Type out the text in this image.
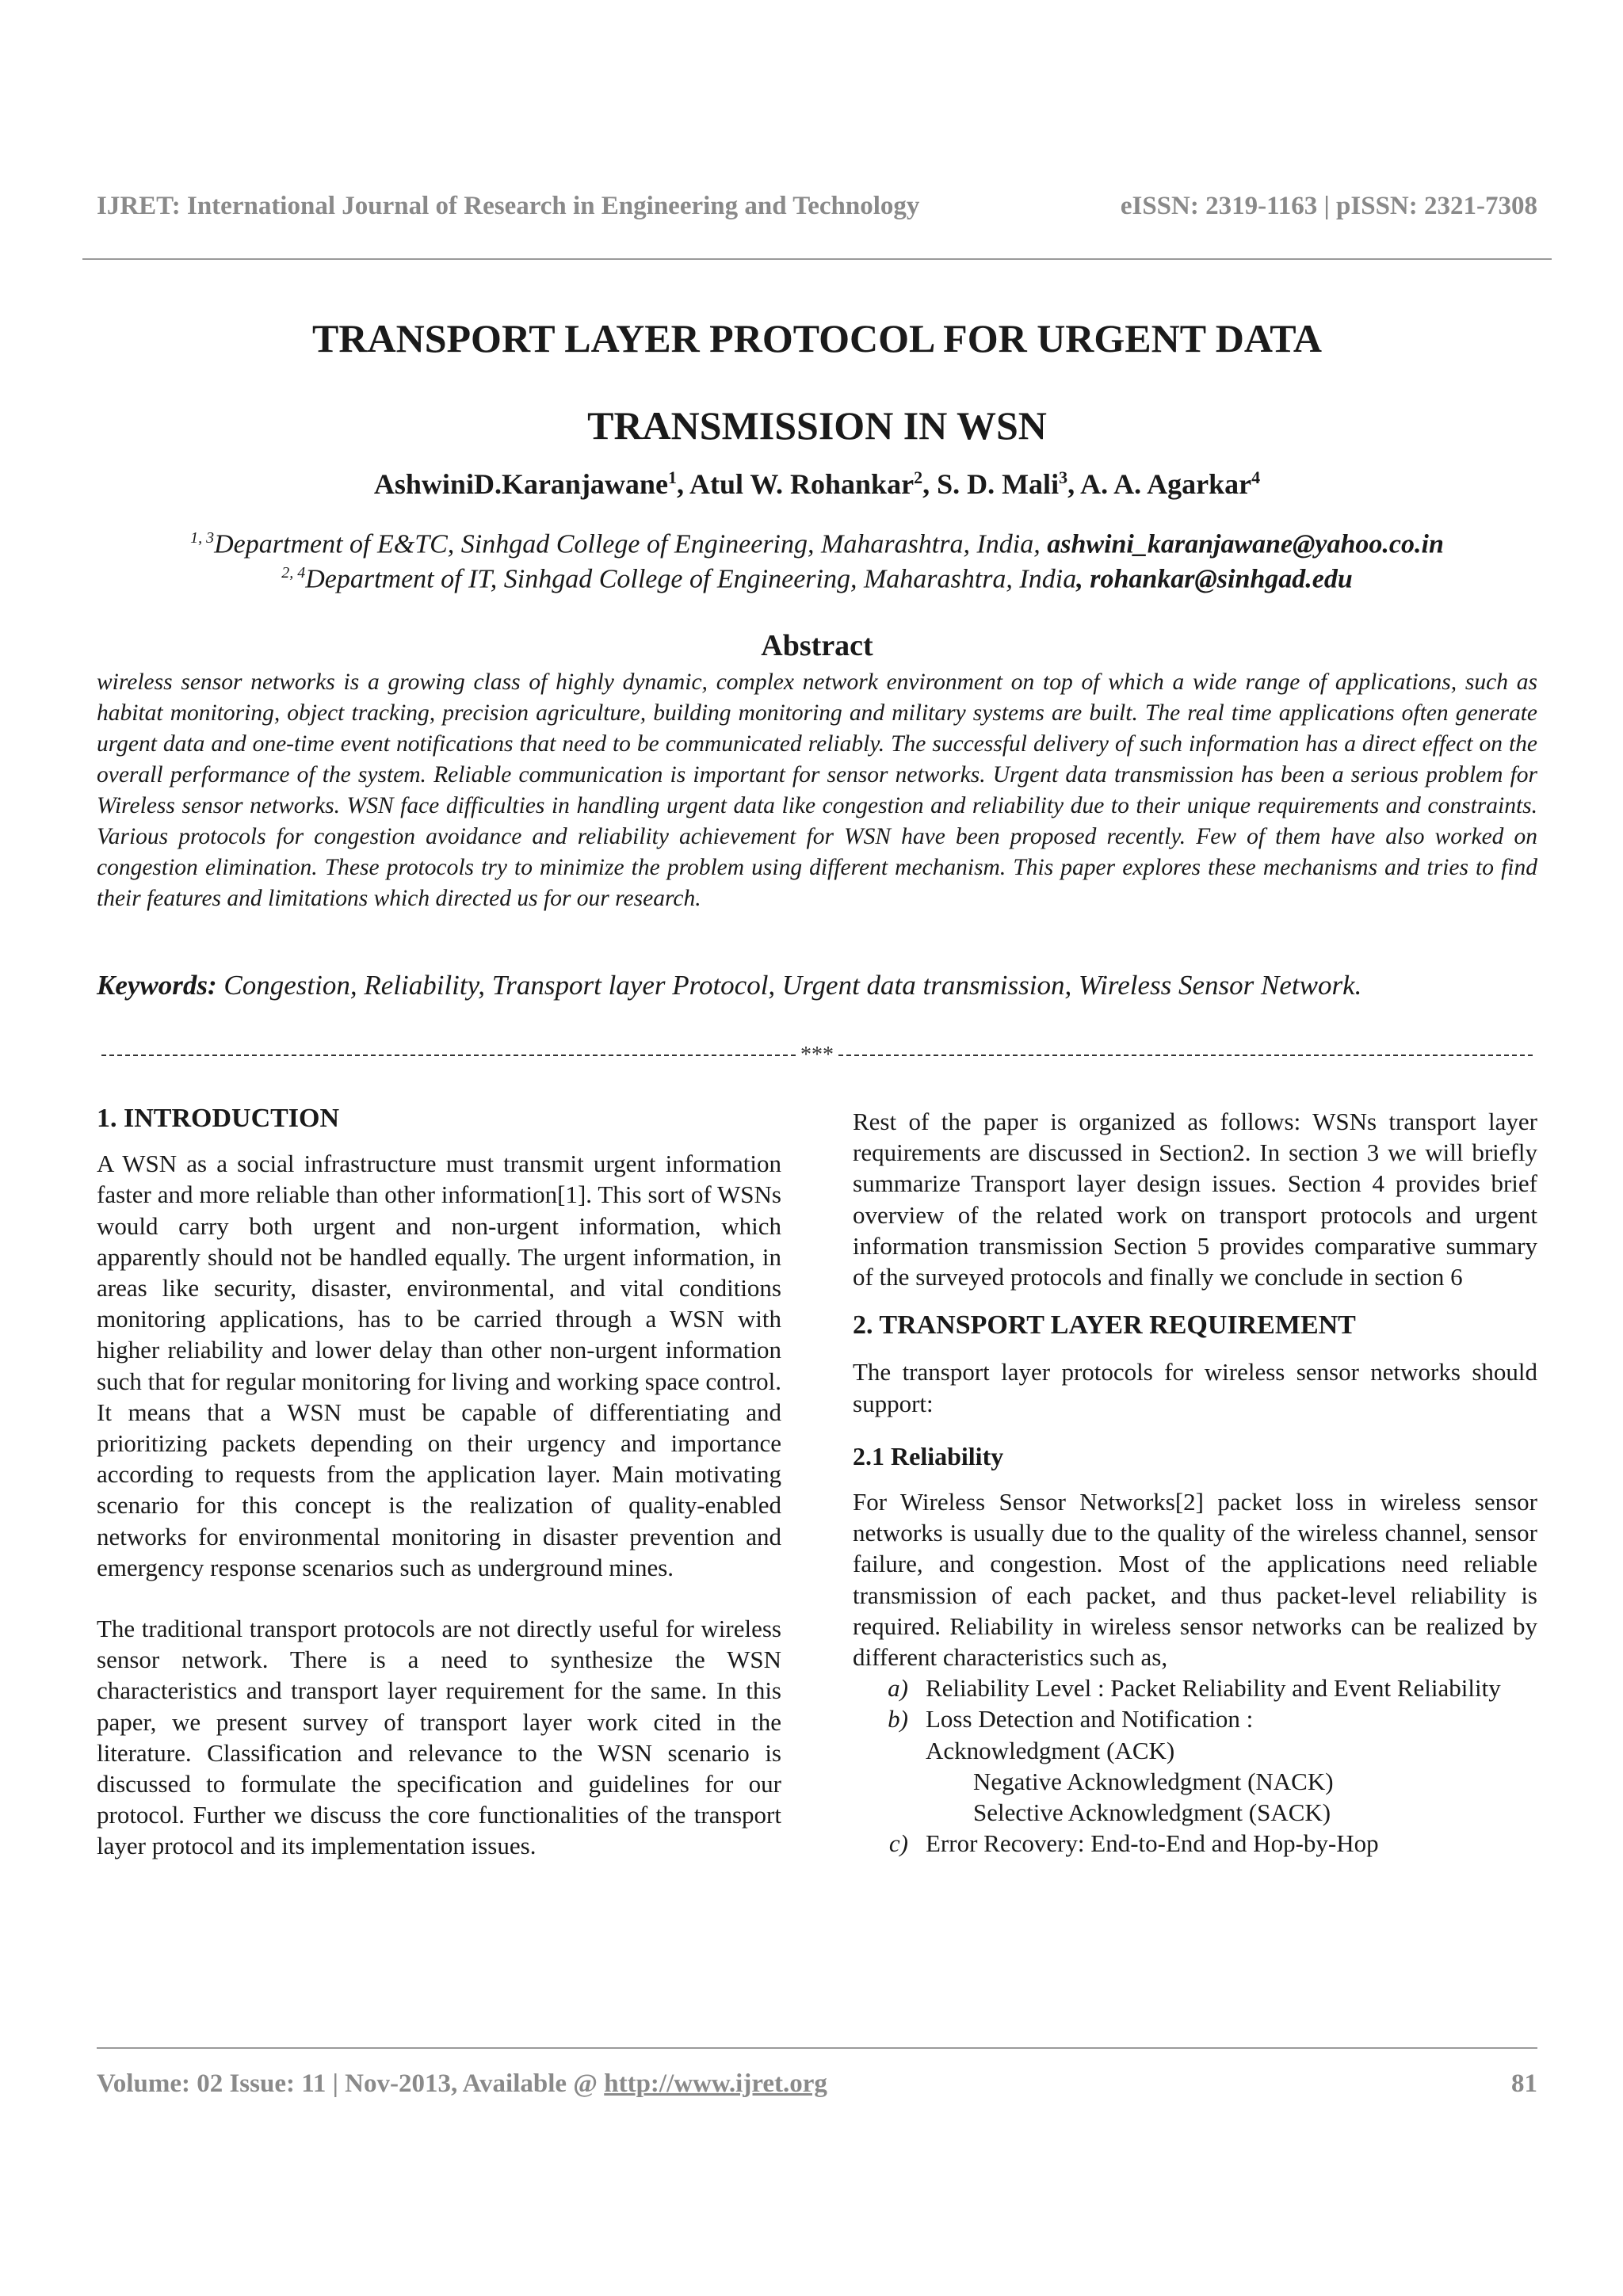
IJRET: International Journal of Research in Engineering and Technology	eISSN: 2319-1163 | pISSN: 2321-7308
TRANSPORT LAYER PROTOCOL FOR URGENT DATA
TRANSMISSION IN WSN
AshwiniD.Karanjawane$^1$, Atul W. Rohankar$^2$, S. D. Mali$^3$, A. A. Agarkar$^4$
$^{1, 3}$Department of E&TC, Sinhgad College of Engineering, Maharashtra, India, ashwini_karanjawane@yahoo.co.in
$^{2, 4}$Department of IT, Sinhgad College of Engineering, Maharashtra, India, rohankar@sinhgad.edu
Abstract

wireless sensor networks is a growing class of highly dynamic, complex network environment on top of which a wide range of applications, such as habitat monitoring, object tracking, precision agriculture, building monitoring and military systems are built. The real time applications often generate urgent data and one-time event notifications that need to be communicated reliably. The successful delivery of such information has a direct effect on the overall performance of the system. Reliable communication is important for sensor networks. Urgent data transmission has been a serious problem for Wireless sensor networks. WSN face difficulties in handling urgent data like congestion and reliability due to their unique requirements and constraints. Various protocols for congestion avoidance and reliability achievement for WSN have been proposed recently. Few of them have also worked on congestion elimination. These protocols try to minimize the problem using different mechanism. This paper explores these mechanisms and tries to find their features and limitations which directed us for our research.

Keywords: Congestion, Reliability, Transport layer Protocol, Urgent data transmission, Wireless Sensor Network.
***
1. INTRODUCTION

A WSN as a social infrastructure must transmit urgent information faster and more reliable than other information[1]. This sort of WSNs would carry both urgent and non-urgent information, which apparently should not be handled equally. The urgent information, in areas like security, disaster, environmental, and vital conditions monitoring applications, has to be carried through a WSN with higher reliability and lower delay than other non-urgent information such that for regular monitoring for living and working space control. It means that a WSN must be capable of differentiating and prioritizing packets depending on their urgency and importance according to requests from the application layer. Main motivating scenario for this concept is the realization of quality-enabled networks for environmental monitoring in disaster prevention and emergency response scenarios such as underground mines.

The traditional transport protocols are not directly useful for wireless sensor network. There is a need to synthesize the WSN characteristics and transport layer requirement for the same. In this paper, we present survey of transport layer work cited in the literature. Classification and relevance to the WSN scenario is discussed to formulate the specification and guidelines for our protocol. Further we discuss the core functionalities of the transport layer protocol and its implementation issues.

Rest of the paper is organized as follows: WSNs transport layer requirements are discussed in Section2. In section 3 we will briefly summarize Transport layer design issues. Section 4 provides brief overview of the related work on transport protocols and urgent information transmission Section 5 provides comparative summary of the surveyed protocols and finally we conclude in section 6

2. TRANSPORT LAYER REQUIREMENT

The transport layer protocols for wireless sensor networks should support:

2.1 Reliability

For Wireless Sensor Networks[2] packet loss in wireless sensor networks is usually due to the quality of the wireless channel, sensor failure, and congestion. Most of the applications need reliable transmission of each packet, and thus packet-level reliability is required. Reliability in wireless sensor networks can be realized by different characteristics such as,

a) Reliability Level : Packet Reliability and Event Reliability
b) Loss Detection and Notification :
Acknowledgment (ACK)
Negative Acknowledgment (NACK)
Selective Acknowledgment (SACK)
c) Error Recovery: End-to-End and Hop-by-Hop
Volume: 02 Issue: 11 | Nov-2013, Available @ http://www.ijret.org	81
